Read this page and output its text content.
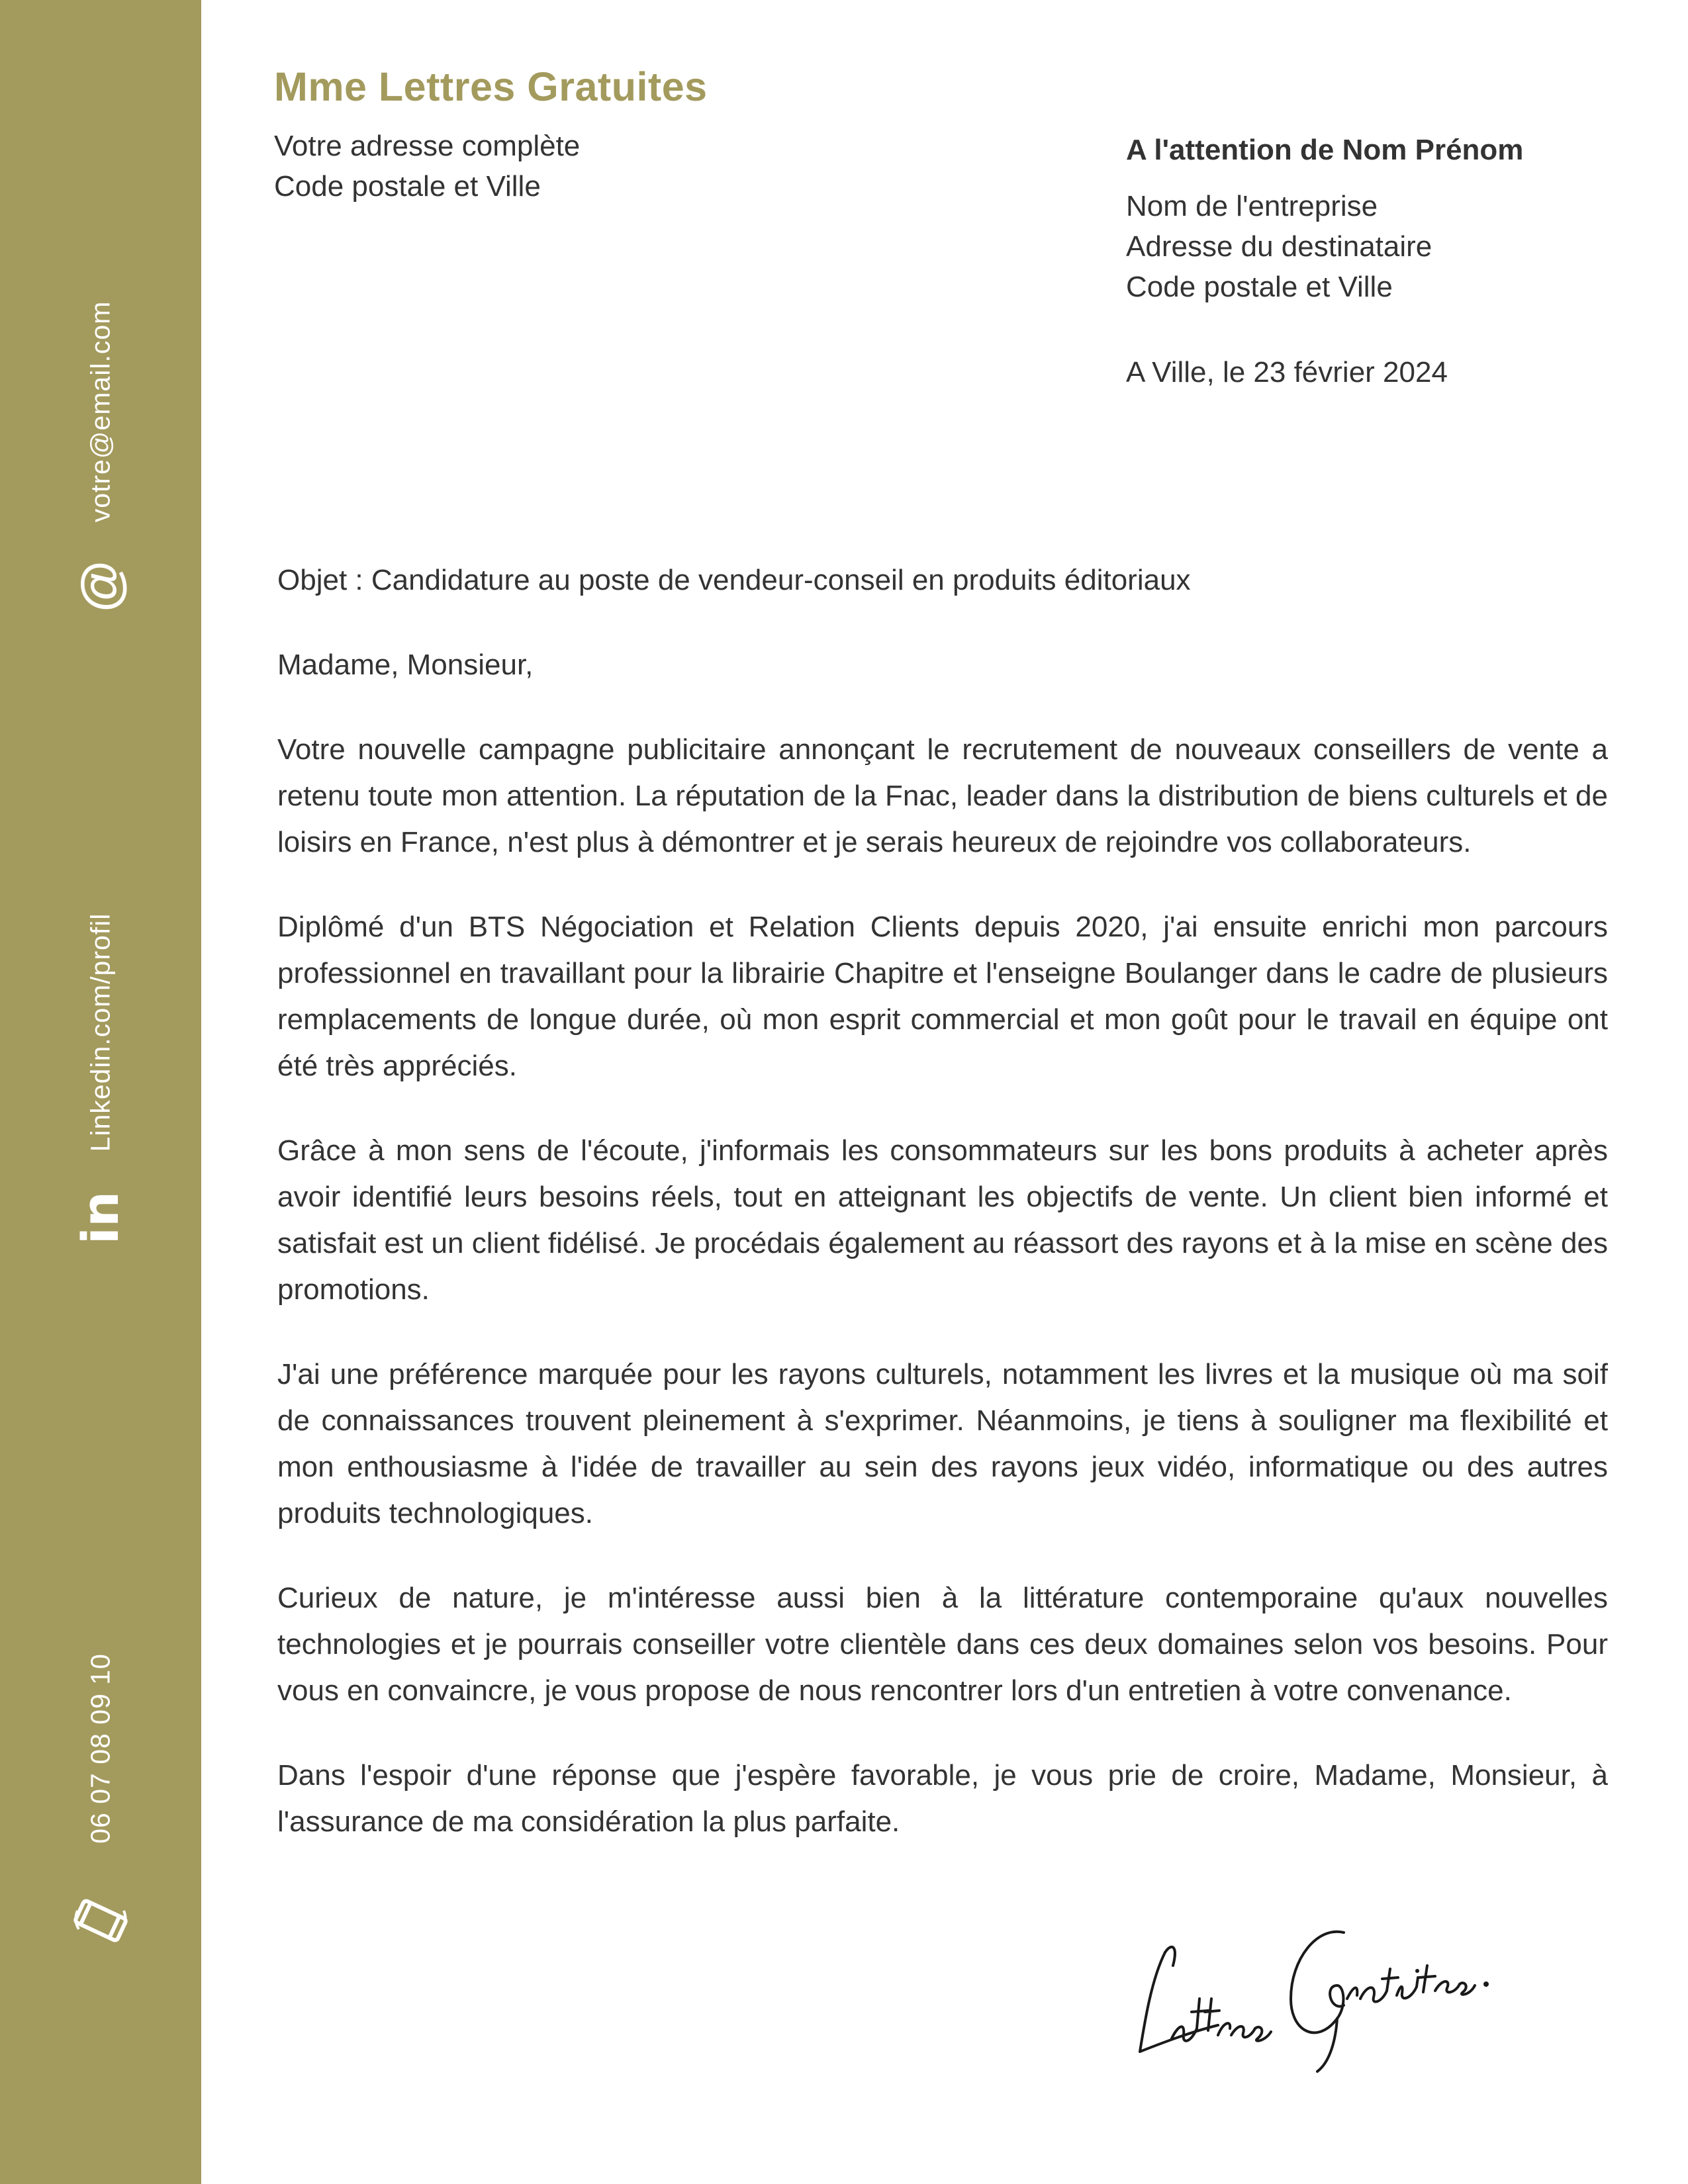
votre@email.com
@
Linkedin.com/profil
in
06 07 08 09 10
Mme Lettres Gratuites
Votre adresse complète
Code postale et Ville
A l'attention de Nom Prénom
Nom de l'entreprise
Adresse du destinataire
Code postale et Ville
A Ville, le 23 février 2024

Objet : Candidature au poste de vendeur-conseil en produits éditoriaux

Madame, Monsieur,

Votre nouvelle campagne publicitaire annonçant le recrutement de nouveaux conseillers de vente a retenu toute mon attention. La réputation de la Fnac, leader dans la distribution de biens culturels et de loisirs en France, n'est plus à démontrer et je serais heureux de rejoindre vos collaborateurs.

Diplômé d'un BTS Négociation et Relation Clients depuis 2020, j'ai ensuite enrichi mon parcours professionnel en travaillant pour la librairie Chapitre et l'enseigne Boulanger dans le cadre de plusieurs remplacements de longue durée, où mon esprit commercial et mon goût pour le travail en équipe ont été très appréciés.

Grâce à mon sens de l'écoute, j'informais les consommateurs sur les bons produits à acheter après avoir identifié leurs besoins réels, tout en atteignant les objectifs de vente. Un client bien informé et satisfait est un client fidélisé. Je procédais également au réassort des rayons et à la mise en scène des promotions.

J'ai une préférence marquée pour les rayons culturels, notamment les livres et la musique où ma soif de connaissances trouvent pleinement à s'exprimer. Néanmoins, je tiens à souligner ma flexibilité et mon enthousiasme à l'idée de travailler au sein des rayons jeux vidéo, informatique ou des autres produits technologiques.

Curieux de nature, je m'intéresse aussi bien à la littérature contemporaine qu'aux nouvelles technologies et je pourrais conseiller votre clientèle dans ces deux domaines selon vos besoins. Pour vous en convaincre, je vous propose de nous rencontrer lors d'un entretien à votre convenance.

Dans l'espoir d'une réponse que j'espère favorable, je vous prie de croire, Madame, Monsieur, à l'assurance de ma considération la plus parfaite.
